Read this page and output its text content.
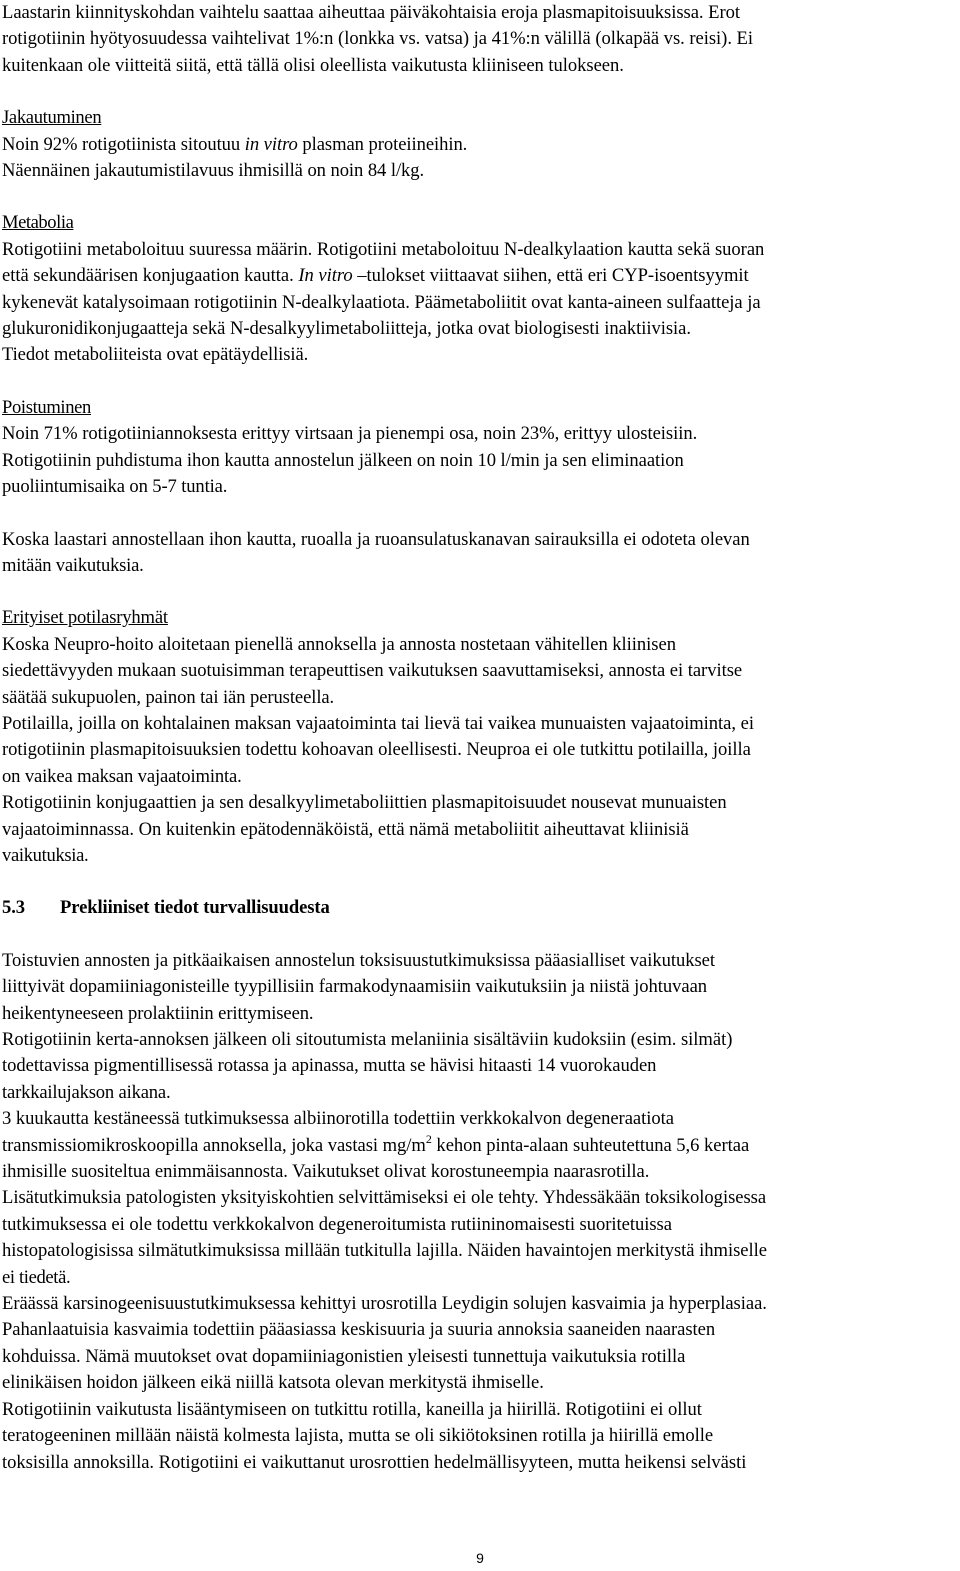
Laastarin kiinnityskohdan vaihtelu saattaa aiheuttaa päiväkohtaisia eroja plasmapitoisuuksissa. Erot

rotigotiinin hyötyosuudessa vaihtelivat 1%:n (lonkka vs. vatsa) ja 41%:n välillä (olkapää vs. reisi). Ei

kuitenkaan ole viitteitä siitä, että tällä olisi oleellista vaikutusta kliiniseen tulokseen.

Jakautuminen

Noin 92% rotigotiinista sitoutuu in vitro plasman proteiineihin.

Näennäinen jakautumistilavuus ihmisillä on noin 84 l/kg.

Metabolia

Rotigotiini metaboloituu suuressa määrin. Rotigotiini metaboloituu N-dealkylaation kautta sekä suoran

että sekundäärisen konjugaation kautta. In vitro –tulokset viittaavat siihen, että eri CYP-isoentsyymit

kykenevät katalysoimaan rotigotiinin N-dealkylaatiota. Päämetaboliitit ovat kanta-aineen sulfaatteja ja

glukuronidikonjugaatteja sekä N-desalkyylimetaboliitteja, jotka ovat biologisesti inaktiivisia.

Tiedot metaboliiteista ovat epätäydellisiä.

Poistuminen

Noin 71% rotigotiiniannoksesta erittyy virtsaan ja pienempi osa, noin 23%, erittyy ulosteisiin.

Rotigotiinin puhdistuma ihon kautta annostelun jälkeen on noin 10 l/min ja sen eliminaation

puoliintumisaika on 5-7 tuntia.

Koska laastari annostellaan ihon kautta, ruoalla ja ruoansulatuskanavan sairauksilla ei odoteta olevan

mitään vaikutuksia.

Erityiset potilasryhmät

Koska Neupro-hoito aloitetaan pienellä annoksella ja annosta nostetaan vähitellen kliinisen

siedettävyyden mukaan suotuisimman terapeuttisen vaikutuksen saavuttamiseksi, annosta ei tarvitse

säätää sukupuolen, painon tai iän perusteella.

Potilailla, joilla on kohtalainen maksan vajaatoiminta tai lievä tai vaikea munuaisten vajaatoiminta, ei

rotigotiinin plasmapitoisuuksien todettu kohoavan oleellisesti. Neuproa ei ole tutkittu potilailla, joilla

on vaikea maksan vajaatoiminta.

Rotigotiinin konjugaattien ja sen desalkyylimetaboliittien plasmapitoisuudet nousevat munuaisten

vajaatoiminnassa. On kuitenkin epätodennäköistä, että nämä metaboliitit aiheuttavat kliinisiä

vaikutuksia.

5.3 Prekliiniset tiedot turvallisuudesta

Toistuvien annosten ja pitkäaikaisen annostelun toksisuustutkimuksissa pääasialliset vaikutukset

liittyivät dopamiiniagonisteille tyypillisiin farmakodynaamisiin vaikutuksiin ja niistä johtuvaan

heikentyneeseen prolaktiinin erittymiseen.

Rotigotiinin kerta-annoksen jälkeen oli sitoutumista melaniinia sisältäviin kudoksiin (esim. silmät)

todettavissa pigmentillisessä rotassa ja apinassa, mutta se hävisi hitaasti 14 vuorokauden

tarkkailujakson aikana.

3 kuukautta kestäneessä tutkimuksessa albiinorotilla todettiin verkkokalvon degeneraatiota

transmissiomikroskoopilla annoksella, joka vastasi $mg/m^2$ kehon pinta-alaan suhteutettuna 5,6 kertaa

ihmisille suositeltua enimmäisannosta. Vaikutukset olivat korostuneempia naarasrotilla.

Lisätutkimuksia patologisten yksityiskohtien selvittämiseksi ei ole tehty. Yhdessäkään toksikologisessa

tutkimuksessa ei ole todettu verkkokalvon degeneroitumista rutiininomaisesti suoritetuissa

histopatologisissa silmätutkimuksissa millään tutkitulla lajilla. Näiden havaintojen merkitystä ihmiselle

ei tiedetä.

Eräässä karsinogeenisuustutkimuksessa kehittyi urosrotilla Leydigin solujen kasvaimia ja hyperplasiaa.

Pahanlaatuisia kasvaimia todettiin pääasiassa keskisuuria ja suuria annoksia saaneiden naarasten

kohduissa. Nämä muutokset ovat dopamiiniagonistien yleisesti tunnettuja vaikutuksia rotilla

elinikäisen hoidon jälkeen eikä niillä katsota olevan merkitystä ihmiselle.

Rotigotiinin vaikutusta lisääntymiseen on tutkittu rotilla, kaneilla ja hiirillä. Rotigotiini ei ollut

teratogeeninen millään näistä kolmesta lajista, mutta se oli sikiötoksinen rotilla ja hiirillä emolle

toksisilla annoksilla. Rotigotiini ei vaikuttanut urosrottien hedelmällisyyteen, mutta heikensi selvästi

9
